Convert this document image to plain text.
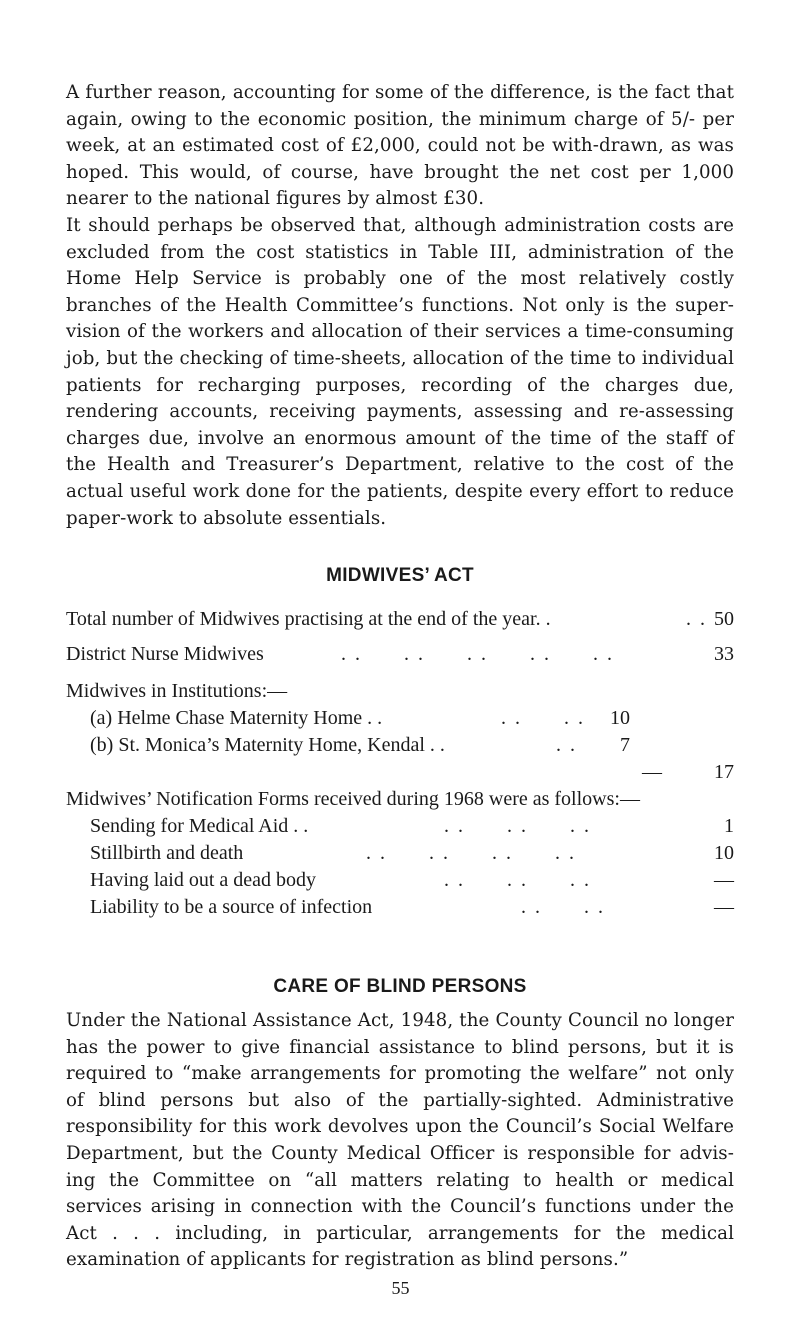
A further reason, accounting for some of the difference, is the fact that again, owing to the economic position, the minimum charge of 5/- per week, at an estimated cost of £2,000, could not be with-drawn, as was hoped. This would, of course, have brought the net cost per 1,000 nearer to the national figures by almost £30.

It should perhaps be observed that, although administration costs are excluded from the cost statistics in Table III, administration of the Home Help Service is probably one of the most relatively costly branches of the Health Committee’s functions. Not only is the super-vision of the workers and allocation of their services a time-consuming job, but the checking of time-sheets, allocation of the time to individual patients for recharging purposes, recording of the charges due, rendering accounts, receiving payments, assessing and re-assessing charges due, involve an enormous amount of the time of the staff of the Health and Treasurer’s Department, relative to the cost of the actual useful work done for the patients, despite every effort to reduce paper-work to absolute essentials.

MIDWIVES’ ACT
Total number of Midwives practising at the end of the year. .	. . 50
District Nurse Midwives	. .      . .      . .      . .      . .	33
Midwives in Institutions:—
(a) Helme Chase Maternity Home . .	. .      . . 10
(b) St. Monica’s Maternity Home, Kendal . .	. .	7
—	17
Midwives’ Notification Forms received during 1968 were as follows:—
Sending for Medical Aid . .	. .      . .      . .	1
Stillbirth and death	. .      . .      . .      . .	10
Having laid out a dead body	. .      . .      . .	—
Liability to be a source of infection	. .      . .	—
CARE OF BLIND PERSONS

Under the National Assistance Act, 1948, the County Council no longer has the power to give financial assistance to blind persons, but it is required to “make arrangements for promoting the welfare” not only of blind persons but also of the partially-sighted. Administrative responsibility for this work devolves upon the Council’s Social Welfare Department, but the County Medical Officer is responsible for advis-ing the Committee on “all matters relating to health or medical services arising in connection with the Council’s functions under the Act . . . including, in particular, arrangements for the medical examination of applicants for registration as blind persons.”

55
